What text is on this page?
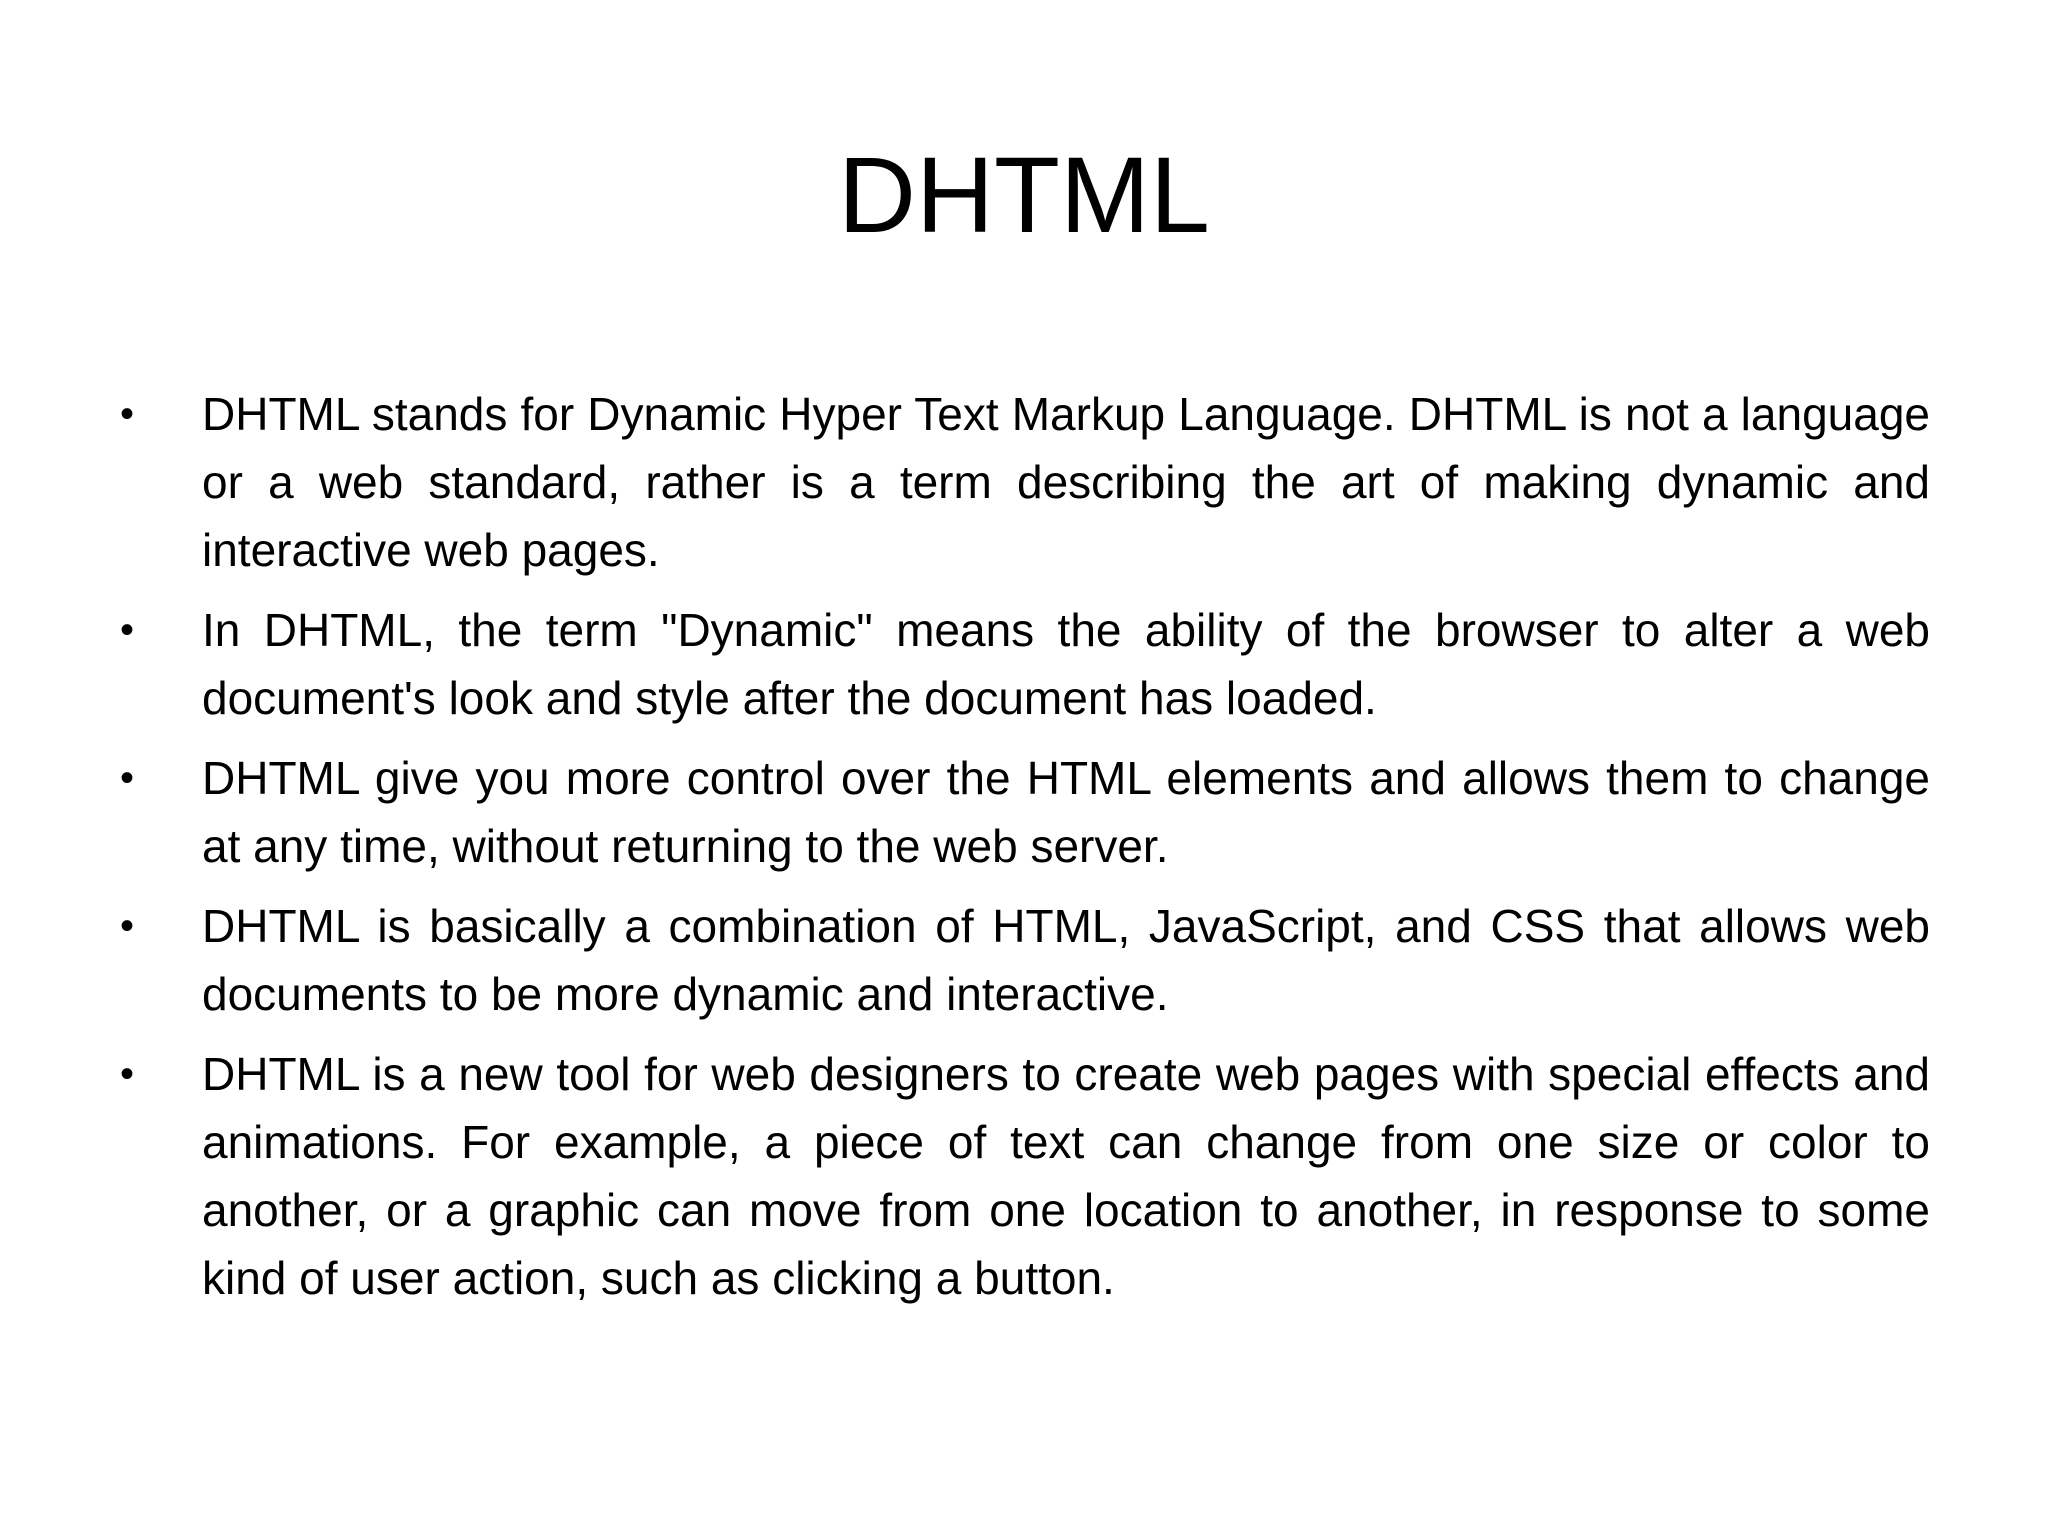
DHTML
•	DHTML stands for Dynamic Hyper Text Markup Language. DHTML is not a language or a web standard, rather is a term describing the art of making dynamic and interactive web pages.
•	In DHTML, the term "Dynamic" means the ability of the browser to alter a web document's look and style after the document has loaded.
•	DHTML give you more control over the HTML elements and allows them to change at any time, without returning to the web server.
•	DHTML is basically a combination of HTML, JavaScript, and CSS that allows web documents to be more dynamic and interactive.
•	DHTML is a new tool for web designers to create web pages with special effects and animations. For example, a piece of text can change from one size or color to another, or a graphic can move from one location to another, in response to some kind of user action, such as clicking a button.
